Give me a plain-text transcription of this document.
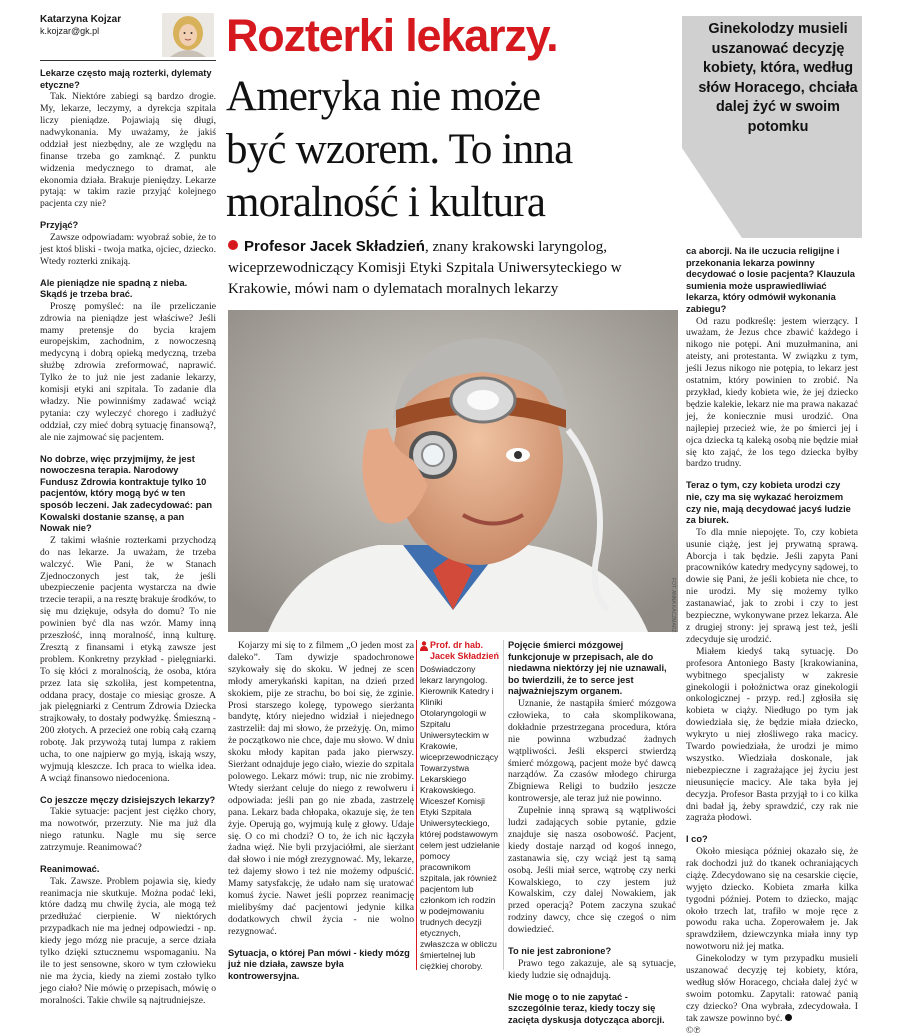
Katarzyna Kojzar
k.kojzar@gk.pl

Lekarze często mają rozterki, dylematy etyczne?

Tak. Niektóre zabiegi są bardzo drogie. My, lekarze, leczymy, a dyrekcja szpitala liczy pieniądze. Pojawiają się długi, nadwykonania. My uważamy, że jakiś oddział jest niezbędny, ale ze względu na finanse trzeba go zamknąć. Z punktu widzenia medycznego to dramat, ale ekonomia działa. Brakuje pieniędzy. Lekarze pytają: w takim razie przyjąć kolejnego pacjenta czy nie?

Przyjąć?

Zawsze odpowiadam: wyobraź sobie, że to jest ktoś bliski - twoja matka, ojciec, dziecko. Wtedy rozterki znikają.

Ale pieniądze nie spadną z nieba. Skądś je trzeba brać.

Proszę pomyśleć: na ile przeliczanie zdrowia na pieniądze jest właściwe? Jeśli mamy pretensje do bycia krajem europejskim, zachodnim, z nowoczesną medycyną i dobrą opieką medyczną, trzeba służbę zdrowia zreformować, naprawić. Tylko że to już nie jest zadanie lekarzy, komisji etyki ani szpitala. To zadanie dla władzy. Nie powinniśmy zadawać wciąż pytania: czy wyleczyć chorego i zadłużyć oddział, czy mieć dobrą sytuację finansową?, ale nie zajmować się pacjentem.

No dobrze, więc przyjmijmy, że jest nowoczesna terapia. Narodowy Fundusz Zdrowia kontraktuje tylko 10 pacjentów, który mogą być w ten sposób leczeni. Jak zadecydować: pan Kowalski dostanie szansę, a pan Nowak nie?

Z takimi właśnie rozterkami przychodzą do nas lekarze. Ja uważam, że trzeba walczyć. Wie Pani, że w Stanach Zjednoczonych jest tak, że jeśli ubezpieczenie pacjenta wystarcza na dwie trzecie terapii, a na resztę brakuje środków, to się mu dziękuje, odsyła do domu? To nie powinien być dla nas wzór. Mamy inną przeszłość, inną moralność, inną kulturę. Zresztą z finansami i etyką zawsze jest problem. Konkretny przykład - pielęgniarki. To się kłóci z moralnością, że osoba, która przez lata się szkoliła, jest kompetentna, oddana pracy, dostaje co miesiąc grosze. A jak pielęgniarki z Centrum Zdrowia Dziecka strajkowały, to dostały podwyżkę. Śmieszną - 200 złotych. A przecież one robią całą czarną robotę. Jak przywożą tutaj lumpa z rakiem ucha, to one najpierw go myją, iskają wszy, wyjmują kleszcze. Ich praca to wielka idea. A wciąż finansowo niedoceniona.

Co jeszcze męczy dzisiejszych lekarzy?

Takie sytuacje: pacjent jest ciężko chory, ma nowotwór, przerzuty. Nie ma już dla niego ratunku. Nagle mu się serce zatrzymuje. Reanimować?

Reanimować.

Tak. Zawsze. Problem pojawia się, kiedy reanimacja nie skutkuje. Można podać leki, które dadzą mu chwilę życia, ale mogą też przedłużać cierpienie. W niektórych przypadkach nie ma jednej odpowiedzi - np. kiedy jego mózg nie pracuje, a serce działa tylko dzięki sztucznemu wspomaganiu. Na ile to jest sensowne, skoro w tym człowieku nie ma życia, kiedy na ziemi zostało tylko jego ciało? Nie mówię o przepisach, mówię o moralności. Takie chwile są najtrudniejsze.

Rozterki lekarzy.
Ameryka nie może
być wzorem. To inna
moralność i kultura
Profesor Jacek Składzień, znany krakowski laryngolog, wiceprzewodniczący Komisji Etyki Szpitala Uniwersyteckiego w Krakowie, mówi nam o dylematach moralnych lekarzy
FOT. ANNA KACZMARZ
Ginekolodzy musieli uszanować decyzję kobiety, która, według słów Horacego, chciała dalej żyć w swoim potomku

Kojarzy mi się to z filmem „O jeden most za daleko”. Tam dywizje spadochronowe szykowały się do skoku. W jednej ze scen młody amerykański kapitan, na dzień przed skokiem, pije ze strachu, bo boi się, że zginie. Prosi starszego kolegę, typowego sierżanta bandytę, który niejedno widział i niejednego zastrzelił: daj mi słowo, że przeżyję. On, mimo że początkowo nie chce, daje mu słowo. W dniu skoku młody kapitan pada jako pierwszy. Sierżant odnajduje jego ciało, wiezie do szpitala polowego. Lekarz mówi: trup, nic nie zrobimy. Wtedy sierżant celuje do niego z rewolweru i odpowiada: jeśli pan go nie zbada, zastrzelę pana. Lekarz bada chłopaka, okazuje się, że ten żyje. Operują go, wyjmują kulę z głowy. Udaje się. O co mi chodzi? O to, że ich nic łączyła żadna więź. Nie byli przyjaciółmi, ale sierżant dał słowo i nie mógł zrezygnować. My, lekarze, też dajemy słowo i też nie możemy odpuścić. Mamy satysfakcję, że udało nam się uratować komuś życie. Nawet jeśli poprzez reanimację mielibyśmy dać pacjentowi jedynie kilka dodatkowych chwil życia - nie wolno rezygnować.

Sytuacja, o której Pan mówi - kiedy mózg już nie działa, zawsze była kontrowersyjna.

Prof. dr hab. Jacek Składzień
Doświadczony lekarz laryngolog. Kierownik Katedry i Kliniki Otolaryngologii w Szpitalu Uniwersyteckim w Krakowie, wiceprzewodniczący Towarzystwa Lekarskiego Krakowskiego. Wiceszef Komisji Etyki Szpitala Uniwersyteckiego, której podstawowym celem jest udzielanie pomocy pracownikom szpitala, jak również pacjentom lub członkom ich rodzin w podejmowaniu trudnych decyzji etycznych, zwłaszcza w obliczu śmiertelnej lub ciężkiej choroby.

Pojęcie śmierci mózgowej funkcjonuje w przepisach, ale do niedawna niektórzy jej nie uznawali, bo twierdzili, że to serce jest najważniejszym organem.

Uznanie, że nastąpiła śmierć mózgowa człowieka, to cała skomplikowana, dokładnie przestrzegana procedura, która nie powinna wzbudzać żadnych wątpliwości. Jeśli eksperci stwierdzą śmierć mózgową, pacjent może być dawcą narządów. Za czasów młodego chirurga Zbigniewa Religi to budziło jeszcze kontrowersje, ale teraz już nie powinno.

Zupełnie inną sprawą są wątpliwości ludzi zadających sobie pytanie, gdzie znajduje się nasza osobowość. Pacjent, kiedy dostaje narząd od kogoś innego, zastanawia się, czy wciąż jest tą samą osobą. Jeśli miał serce, wątrobę czy nerki Kowalskiego, to czy jestem już Kowalskim, czy dalej Nowakiem, jak przed operacją? Potem zaczyna szukać rodziny dawcy, chce się czegoś o nim dowiedzieć.

To nie jest zabronione?

Prawo tego zakazuje, ale są sytuacje, kiedy ludzie się odnajdują.

Nie mogę o to nie zapytać - szczególnie teraz, kiedy toczy się zacięta dyskusja dotycząca aborcji.

ca aborcji. Na ile uczucia religijne i przekonania lekarza powinny decydować o losie pacjenta? Klauzula sumienia może usprawiedliwiać lekarza, który odmówił wykonania zabiegu?

Od razu podkreślę: jestem wierzący. I uważam, że Jezus chce zbawić każdego i nikogo nie potępi. Ani muzułmanina, ani ateisty, ani protestanta. W związku z tym, jeśli Jezus nikogo nie potępia, to lekarz jest ostatnim, który powinien to zrobić. Na przykład, kiedy kobieta wie, że jej dziecko będzie kalekie, lekarz nie ma prawa nakazać jej, że koniecznie musi urodzić. Ona najlepiej przecież wie, że po śmierci jej i ojca dziecka tą kaleką osobą nie będzie miał się kto zająć, że los tego dziecka byłby bardzo trudny.

Teraz o tym, czy kobieta urodzi czy nie, czy ma się wykazać heroizmem czy nie, mają decydować jacyś ludzie za biurek.

To dla mnie niepojęte. To, czy kobieta usunie ciążę, jest jej prywatną sprawą. Aborcja i tak będzie. Jeśli zapyta Pani pracowników katedry medycyny sądowej, to dowie się Pani, że jeśli kobieta nie chce, to nie urodzi. My się możemy tylko zastanawiać, jak to zrobi i czy to jest bezpieczne, wykonywane przez lekarza. Ale z drugiej strony: jej sprawą jest też, jeśli zdecyduje się urodzić.

Miałem kiedyś taką sytuację. Do profesora Antoniego Basty [krakowianina, wybitnego specjalisty w zakresie ginekologii i położnictwa oraz ginekologii onkologicznej - przyp. red.] zgłosiła się kobieta w ciąży. Niedługo po tym jak dowiedziała się, że będzie miała dziecko, wykryto u niej złośliwego raka macicy. Twardo powiedziała, że urodzi je mimo wszystko. Wiedziała doskonale, jak niebezpieczne i zagrażające jej życiu jest nieusunięcie macicy. Ale taka była jej decyzja. Profesor Basta przyjął to i co kilka dni badał ją, żeby sprawdzić, czy rak nie zagraża płodowi.

I co?

Około miesiąca później okazało się, że rak dochodzi już do tkanek ochraniających ciążę. Zdecydowano się na cesarskie cięcie, wyjęto dziecko. Kobieta zmarła kilka tygodni później. Potem to dziecko, mając około trzech lat, trafiło w moje ręce z powodu raka ucha. Zoperowałem je. Jak sprawdziłem, dziewczynka miała inny typ nowotworu niż jej matka.

Ginekolodzy w tym przypadku musieli uszanować decyzję tej kobiety, która, według słów Horacego, chciała dalej żyć w swoim potomku. Zapytali: ratować panią czy dziecko? Ona wybrała, zdecydowała. I tak zawsze powinno być.

©℗
